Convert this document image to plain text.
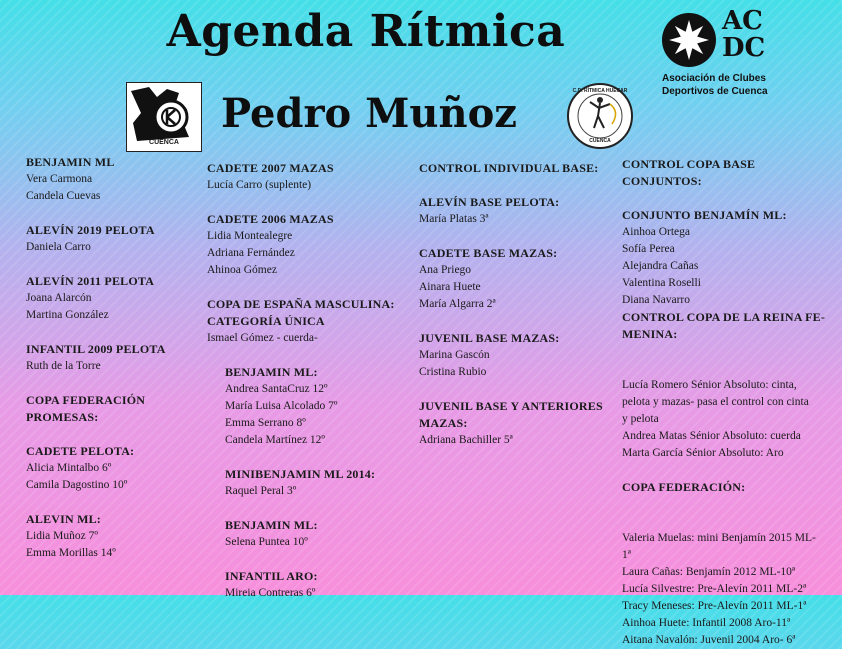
Agenda Rítmica
Pedro Muñoz
CUENCA
C.D. RÍTMICA HUÉCAR
CUENCA
AC
DC
Asociación de Clubes
Deportivos de Cuenca
BENJAMIN ML
Vera Carmona
Candela Cuevas
ALEVÍN 2019 PELOTA
Daniela Carro
ALEVÍN 2011 PELOTA
Joana Alarcón
Martina González
INFANTIL 2009 PELOTA
Ruth de la Torre
COPA FEDERACIÓN PROMESAS:
CADETE PELOTA:
Alicia Mintalbo 6º
Camila Dagostino 10º
ALEVIN ML:
Lidia Muñoz 7º
Emma Morillas 14º
CADETE 2007 MAZAS
Lucía Carro (suplente)
CADETE 2006 MAZAS
Lidia Montealegre
Adriana Fernández
Ahinoa Gómez
COPA DE ESPAÑA MASCULINA:
CATEGORÍA ÚNICA
Ismael Gómez - cuerda-
BENJAMIN ML:
Andrea SantaCruz 12º
María Luisa Alcolado 7º
Emma Serrano 8º
Candela Martínez 12º
MINIBENJAMIN ML 2014:
Raquel Peral 3º
BENJAMIN ML:
Selena Puntea 10º
INFANTIL ARO:
Mireia Contreras 6º
CONTROL INDIVIDUAL BASE:
ALEVÍN BASE PELOTA:
María Platas 3ª
CADETE BASE MAZAS:
Ana Priego
Ainara Huete
María Algarra 2ª
JUVENIL BASE MAZAS:
Marina Gascón
Cristina Rubio
JUVENIL BASE Y ANTERIORES
MAZAS:
Adriana Bachiller 5ª
CONTROL COPA BASE CONJUNTOS:
CONJUNTO BENJAMÍN ML:
Ainhoa Ortega
Sofía Perea
Alejandra Cañas
Valentina Roselli
Diana Navarro
CONTROL COPA DE LA REINA FE-
MENINA:
Lucía Romero Sénior Absoluto: cinta,
pelota y mazas- pasa el control con cinta
y pelota
Andrea Matas Sénior Absoluto: cuerda
Marta García Sénior Absoluto: Aro
COPA FEDERACIÓN:
Valeria Muelas: mini Benjamín 2015 ML-
1ª
Laura Cañas: Benjamín 2012 ML-10ª
Lucía Silvestre: Pre-Alevín 2011 ML-2ª
Tracy Meneses: Pre-Alevín 2011 ML-1ª
Ainhoa Huete: Infantil 2008 Aro-11ª
Aitana Navalón: Juvenil 2004 Aro- 6ª
